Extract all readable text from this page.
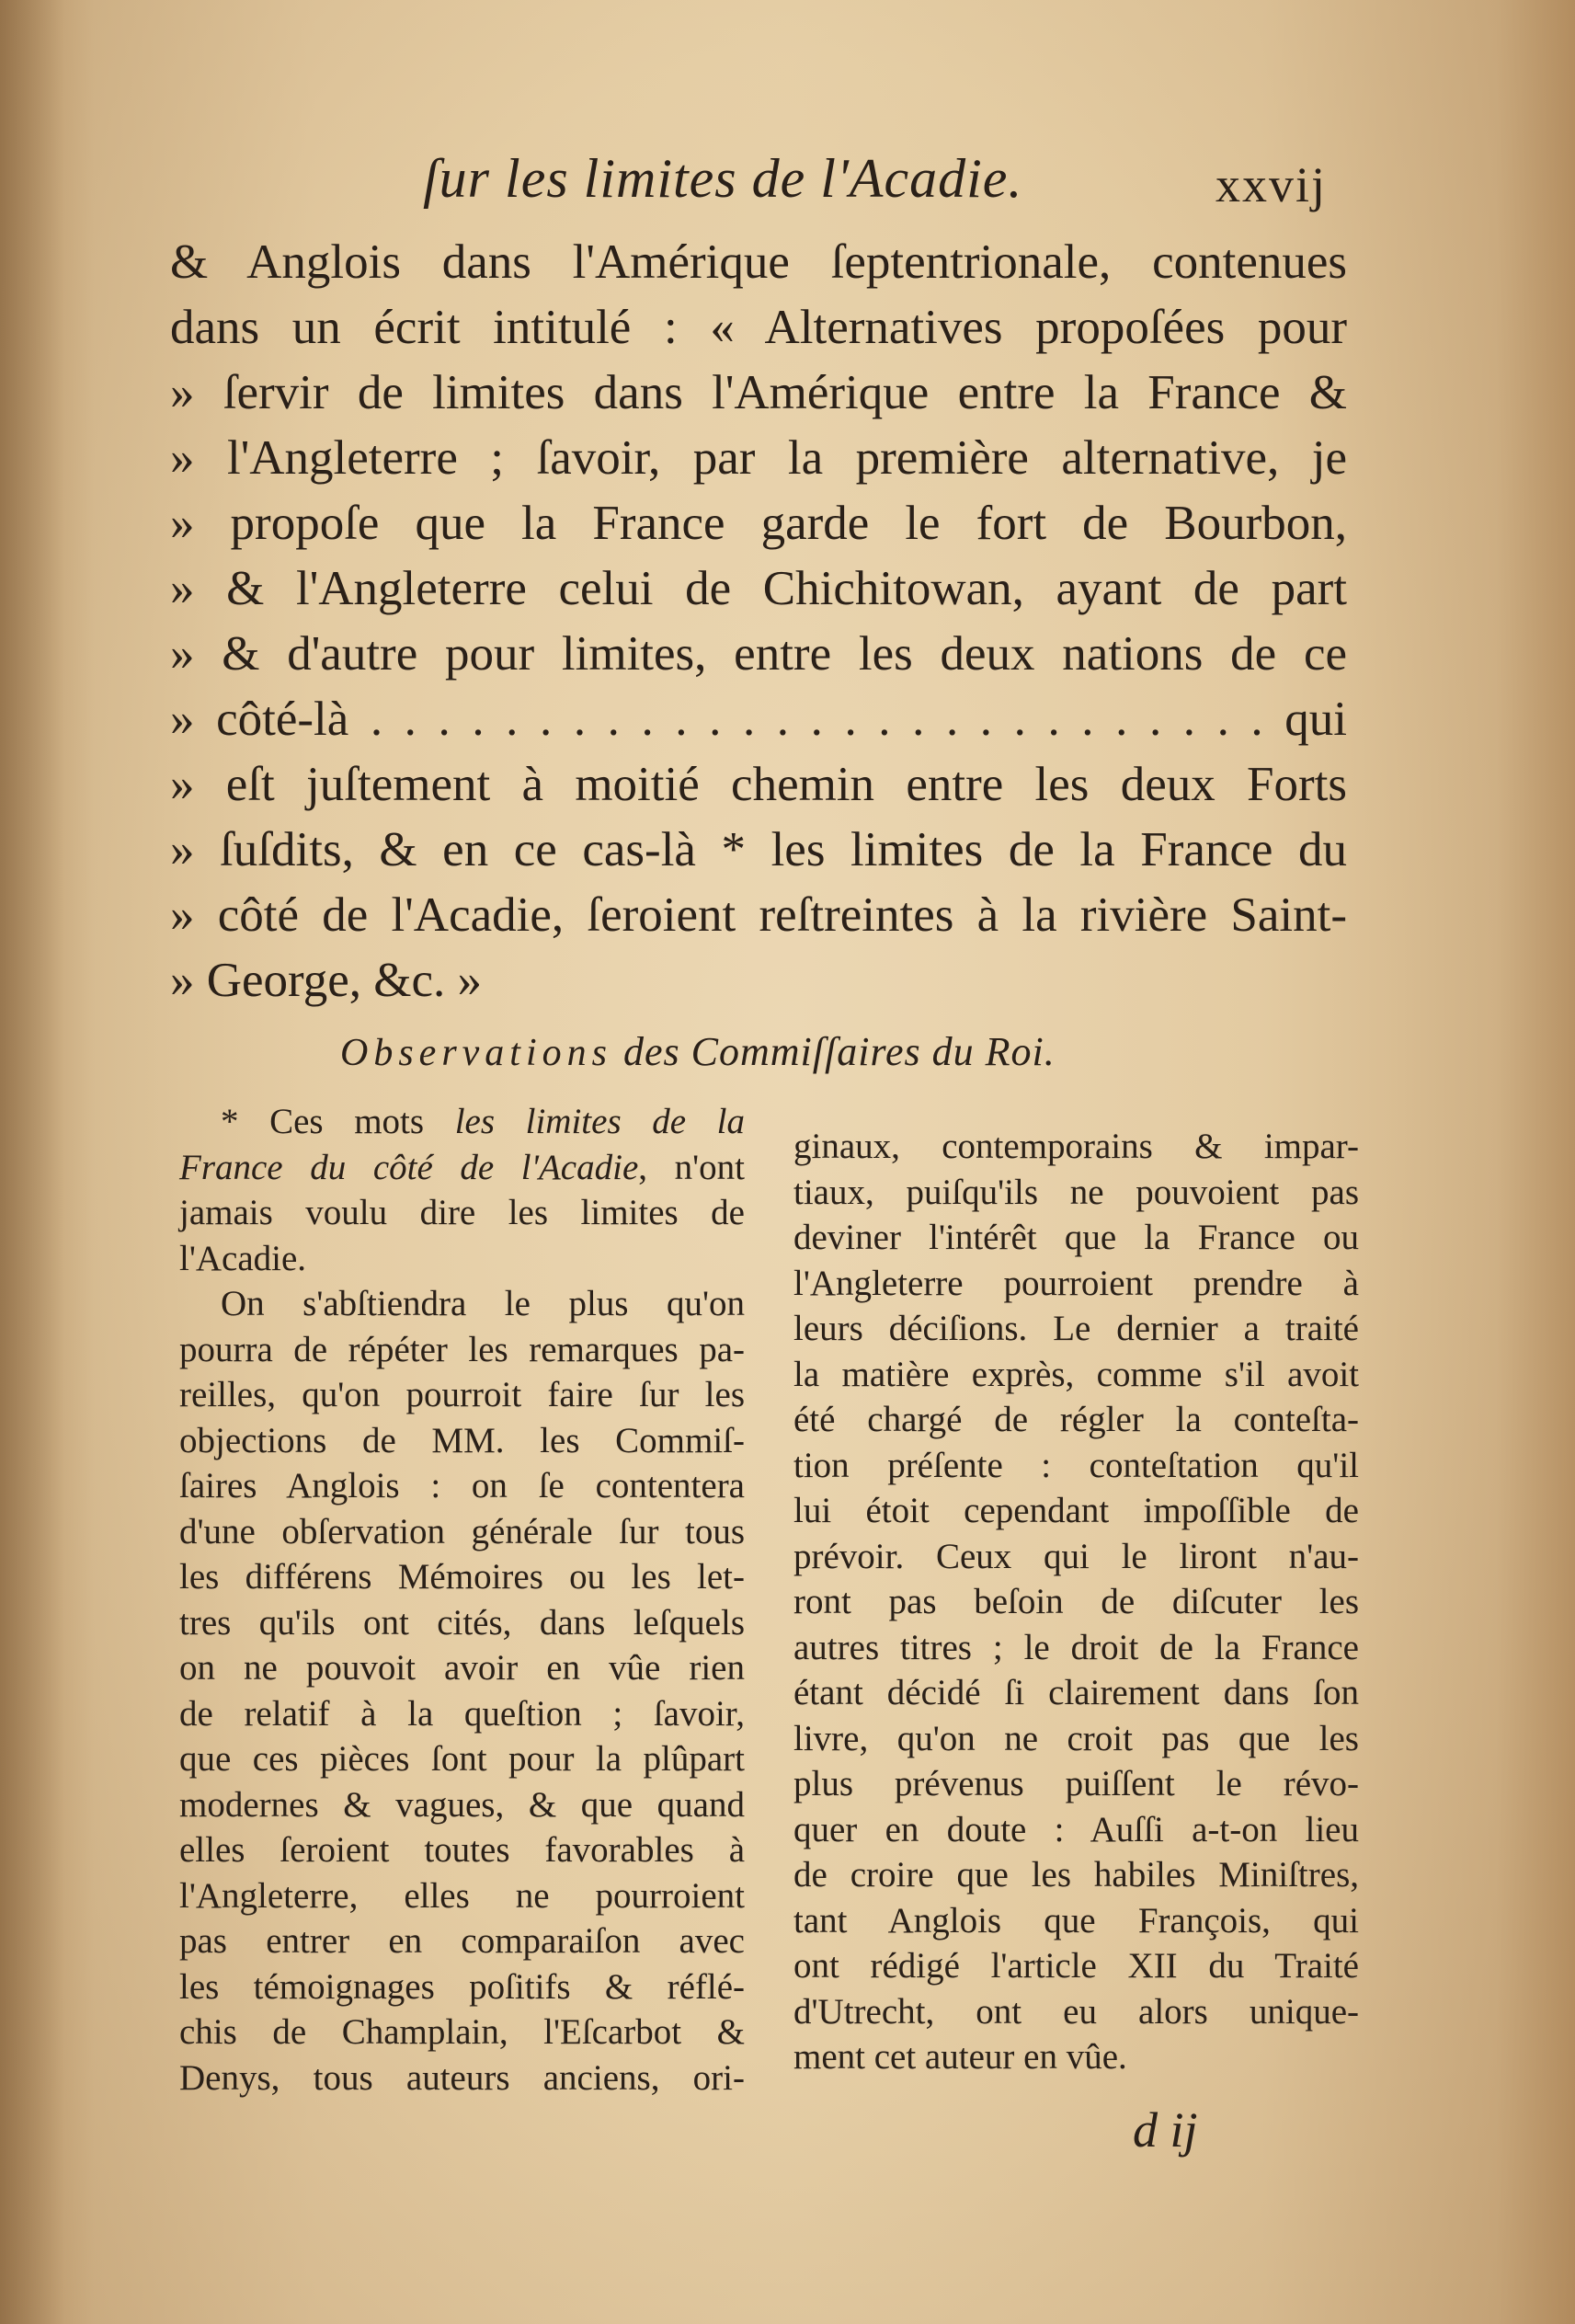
ſur les limites de l'Acadie.	xxvij
& Anglois dans l'Amérique ſeptentrionale, contenues
dans un écrit intitulé : « Alternatives propoſées pour
» ſervir de limites dans l'Amérique entre la France &
» l'Angleterre ; ſavoir, par la première alternative, je
» propoſe que la France garde le fort de Bourbon,
» & l'Angleterre celui de Chichitowan, ayant de part
» & d'autre pour limites, entre les deux nations de ce
» côté-là . . . . . . . . . . . . . . . . . . . . . . . . . . . qui
» eſt juſtement à moitié chemin entre les deux Forts
» ſuſdits, & en ce cas-là * les limites de la France du
» côté de l'Acadie, ſeroient reſtreintes à la rivière Saint-
» George, &c. »
Observations des Commiſſaires du Roi.
* Ces mots les limites de la
France du côté de l'Acadie, n'ont
jamais voulu dire les limites de
l'Acadie.
On s'abſtiendra le plus qu'on
pourra de répéter les remarques pa-
reilles, qu'on pourroit faire ſur les
objections de MM. les Commiſ-
ſaires Anglois : on ſe contentera
d'une obſervation générale ſur tous
les différens Mémoires ou les let-
tres qu'ils ont cités, dans leſquels
on ne pouvoit avoir en vûe rien
de relatif à la queſtion ; ſavoir,
que ces pièces ſont pour la plûpart
modernes & vagues, & que quand
elles ſeroient toutes favorables à
l'Angleterre, elles ne pourroient
pas entrer en comparaiſon avec
les témoignages poſitifs & réflé-
chis de Champlain, l'Eſcarbot &
Denys, tous auteurs anciens, ori-
ginaux, contemporains & impar-
tiaux, puiſqu'ils ne pouvoient pas
deviner l'intérêt que la France ou
l'Angleterre pourroient prendre à
leurs déciſions. Le dernier a traité
la matière exprès, comme s'il avoit
été chargé de régler la conteſta-
tion préſente : conteſtation qu'il
lui étoit cependant impoſſible de
prévoir. Ceux qui le liront n'au-
ront pas beſoin de diſcuter les
autres titres ; le droit de la France
étant décidé ſi clairement dans ſon
livre, qu'on ne croit pas que les
plus prévenus puiſſent le révo-
quer en doute : Auſſi a-t-on lieu
de croire que les habiles Miniſtres,
tant Anglois que François, qui
ont rédigé l'article XII du Traité
d'Utrecht, ont eu alors unique-
ment cet auteur en vûe.
d ij
